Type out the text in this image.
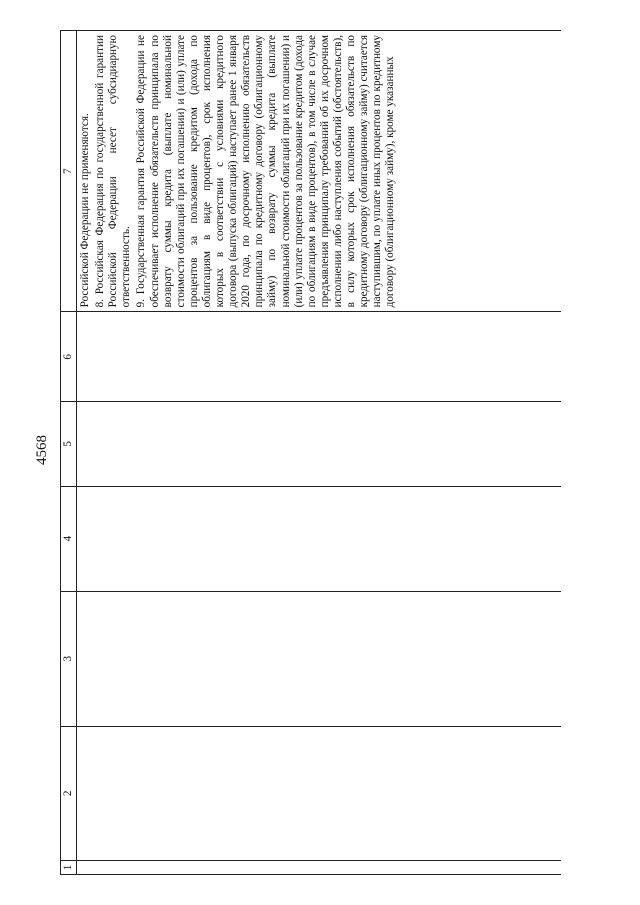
4568
1	2	3	4	5	6	7

						Российской Федерации не применяются. 8. Российская Федерация по государственной гарантии Российской Федерации несет субсидиарную ответственность. 9. Государственная гарантия Российской Федерации не обеспечивает исполнение обязательств принципала по возврату суммы кредита (выплате номинальной стоимости облигаций при их погашении) и (или) уплате процентов за пользование кредитом (дохода по облигациям в виде процентов), срок исполнения которых в соответствии с условиями кредитного договора (выпуска облигаций) наступает ранее 1 января 2020 года, по досрочному исполнению обязательств принципала по кредитному договору (облигационному займу) по возврату суммы кредита (выплате номинальной стоимости облигаций при их погашении) и (или) уплате процентов за пользование кредитом (дохода по облигациям в виде процентов), в том числе в случае предъявления принципалу требований об их досрочном исполнении либо наступления событий (обстоятельств), в силу которых срок исполнения обязательств по кредитному договору (облигационному займу) считается наступившим, по уплате иных процентов по кредитному договору (облигационному займу), кроме указанных
